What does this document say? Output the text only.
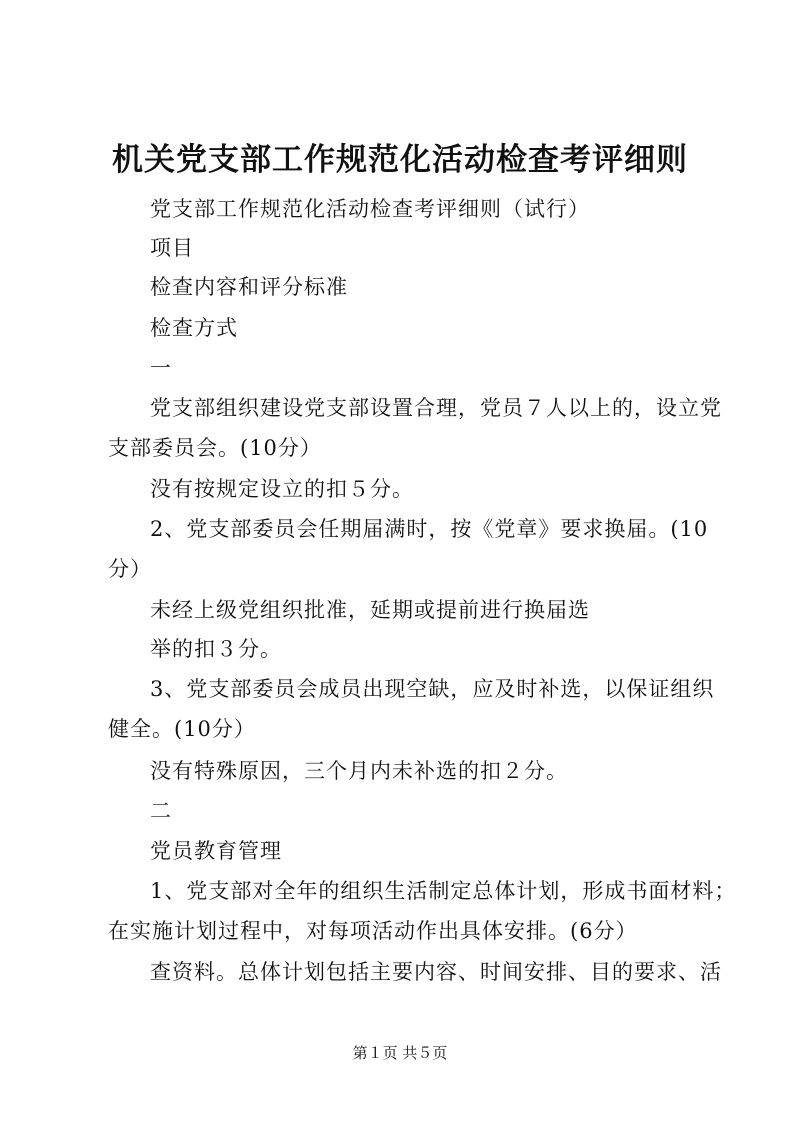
机关党支部工作规范化活动检查考评细则
党支部工作规范化活动检查考评细则（试行）
项目
检查内容和评分标准
检查方式
一
党支部组织建设党支部设置合理，党员７人以上的，设立党
支部委员会。(10分）
没有按规定设立的扣５分。
2、党支部委员会任期届满时，按《党章》要求换届。(10
分）
未经上级党组织批准，延期或提前进行换届选
举的扣３分。
3、党支部委员会成员出现空缺，应及时补选，以保证组织
健全。(10分）
没有特殊原因，三个月内未补选的扣２分。
二
党员教育管理
1、党支部对全年的组织生活制定总体计划，形成书面材料；
在实施计划过程中，对每项活动作出具体安排。(6分）
查资料。总体计划包括主要内容、时间安排、目的要求、活
第１页 共５页
